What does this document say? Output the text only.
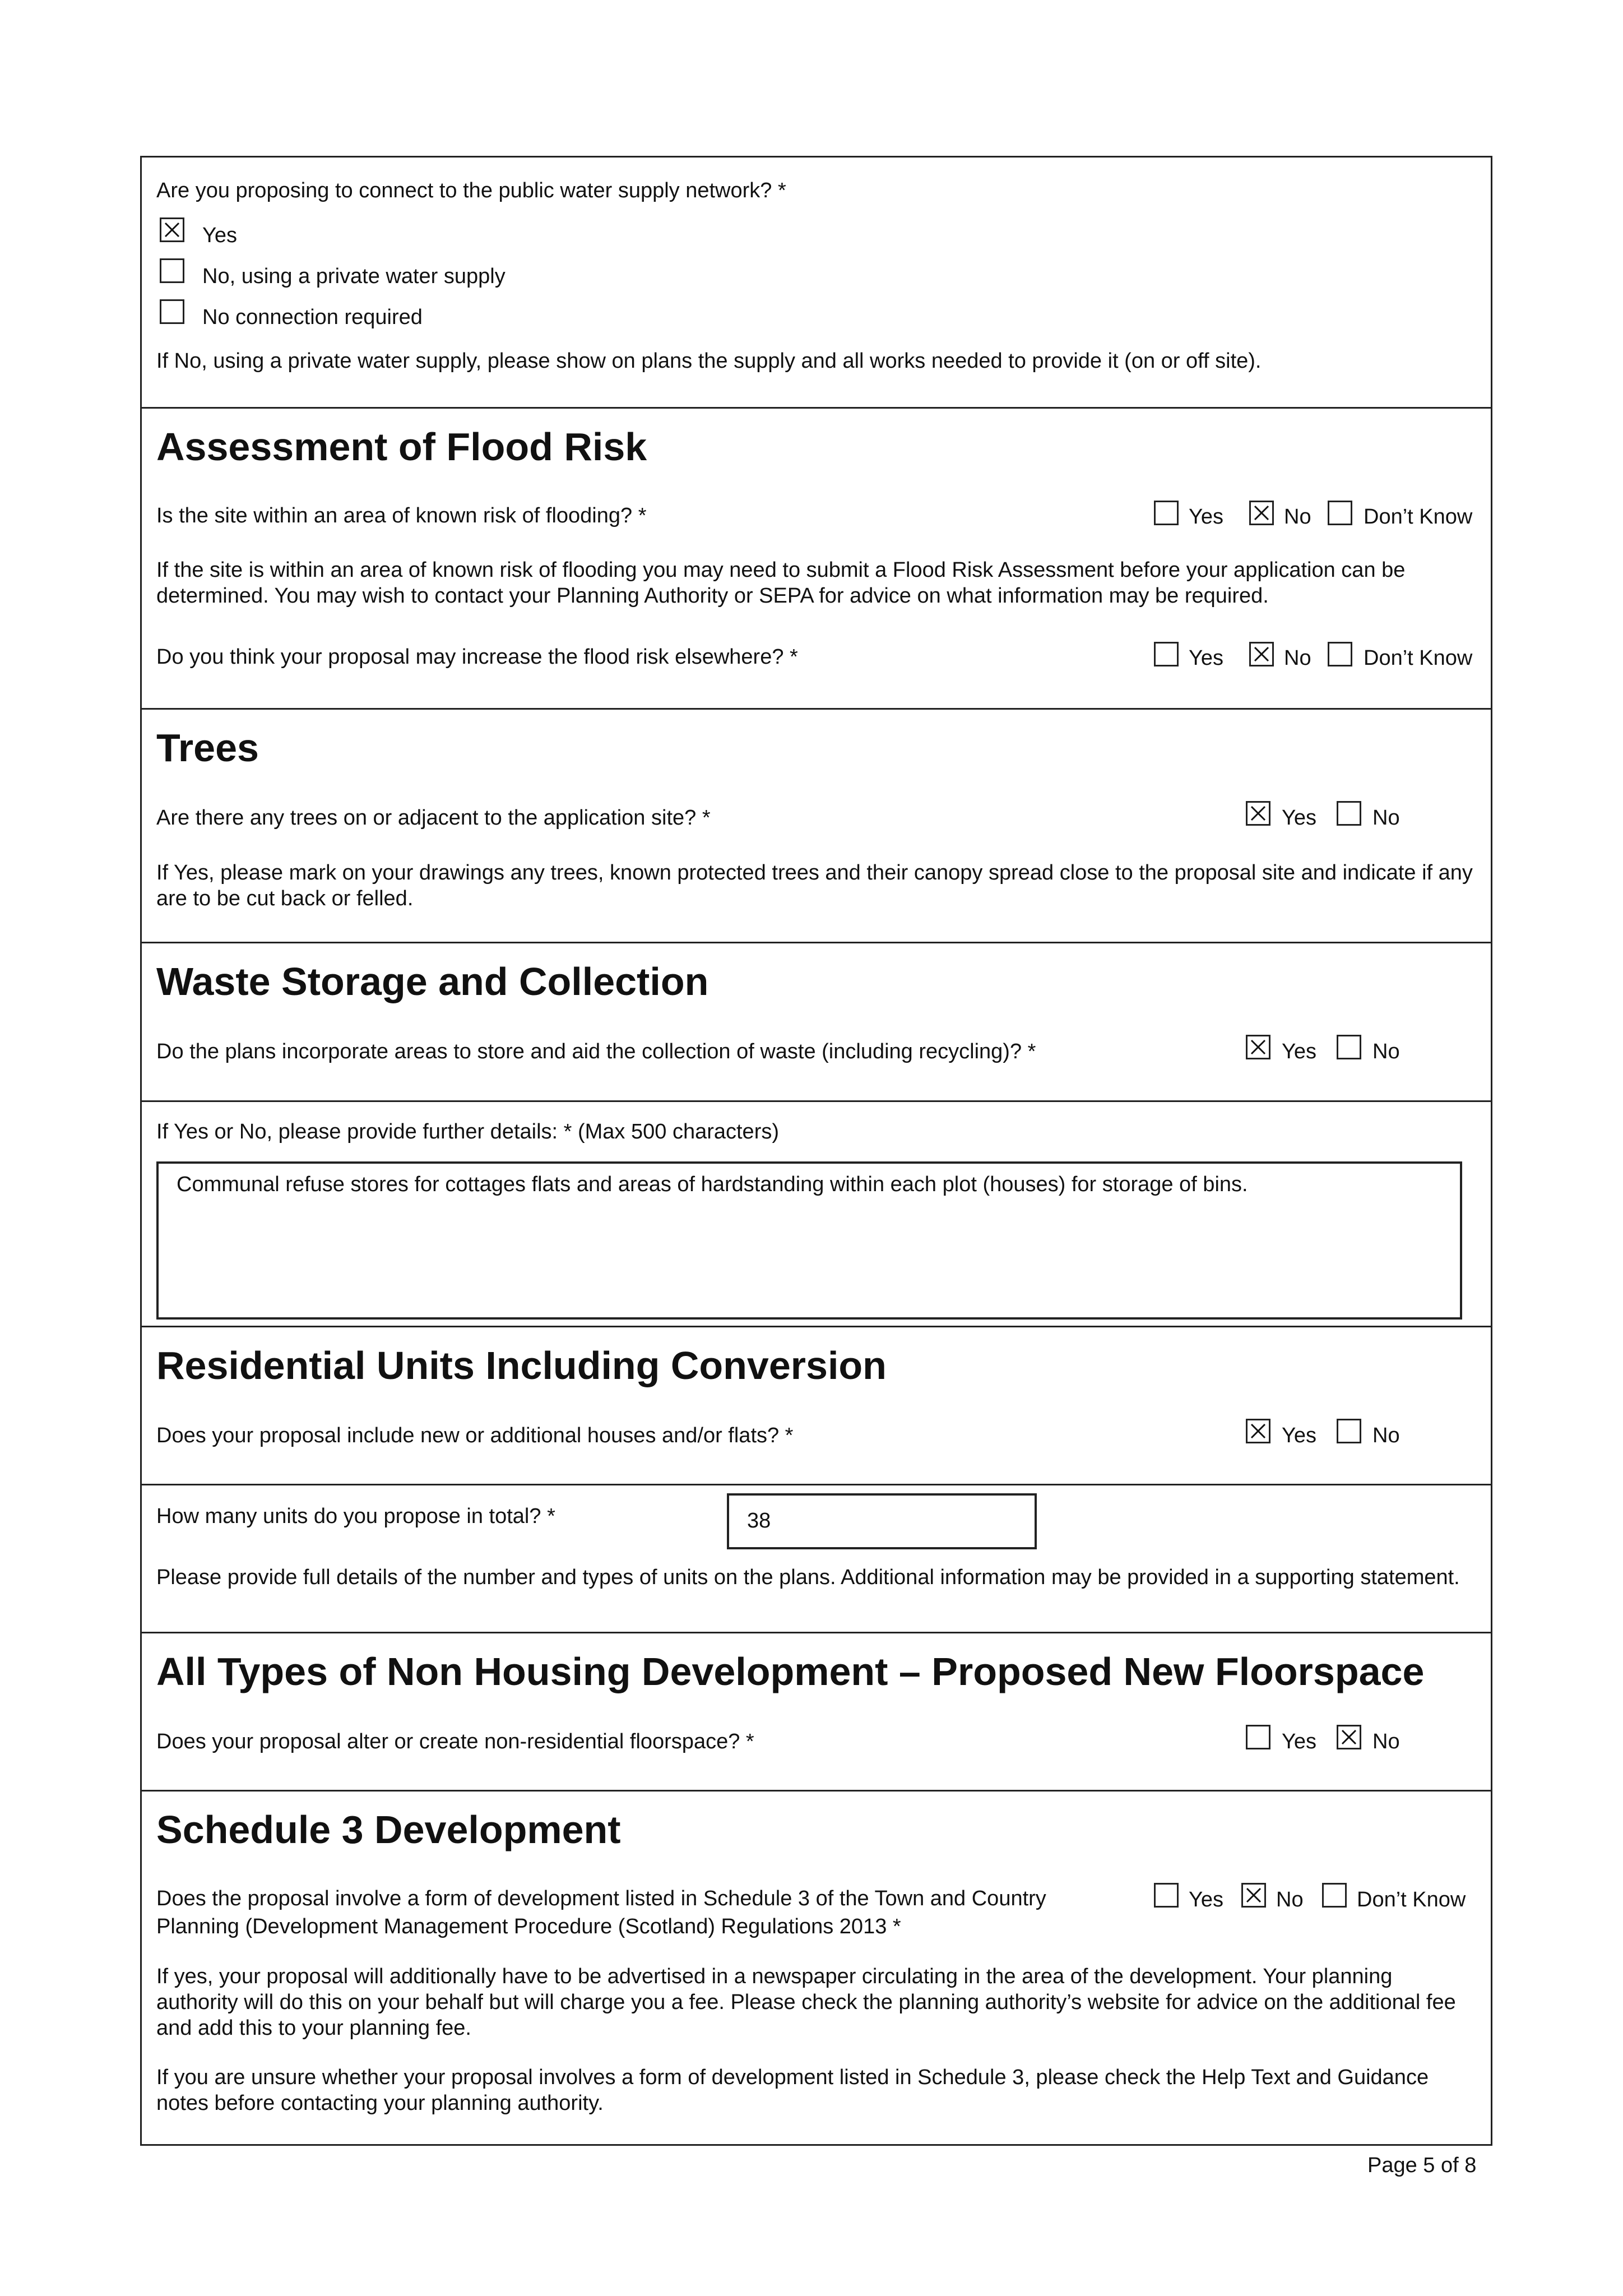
Are you proposing to connect to the public water supply network? *
Yes
No, using a private water supply
No connection required
If No, using a private water supply, please show on plans the supply and all works needed to provide it (on or off site).
Assessment of Flood Risk
Is the site within an area of known risk of flooding? *	Yes	No Don’t Know
If the site is within an area of known risk of flooding you may need to submit a Flood Risk Assessment before your application can be determined. You may wish to contact your Planning Authority or SEPA for advice on what information may be required.
Do you think your proposal may increase the flood risk elsewhere? *	Yes	No Don’t Know
Trees
Are there any trees on or adjacent to the application site? *	Yes	No
If Yes, please mark on your drawings any trees, known protected trees and their canopy spread close to the proposal site and indicate if any are to be cut back or felled.
Waste Storage and Collection
Do the plans incorporate areas to store and aid the collection of waste (including recycling)? *	Yes	No
If Yes or No, please provide further details: * (Max 500 characters)
Communal refuse stores for cottages flats and areas of hardstanding within each plot (houses) for storage of bins.
Residential Units Including Conversion
Does your proposal include new or additional houses and/or flats? *	Yes	No
How many units do you propose in total? *	38
Please provide full details of the number and types of units on the plans. Additional information may be provided in a supporting statement.
All Types of Non Housing Development – Proposed New Floorspace
Does your proposal alter or create non-residential floorspace? *	Yes	No
Schedule 3 Development
Does the proposal involve a form of development listed in Schedule 3 of the Town and Country
Planning (Development Management Procedure (Scotland) Regulations 2013 *
Yes No	Don’t Know
If yes, your proposal will additionally have to be advertised in a newspaper circulating in the area of the development. Your planning authority will do this on your behalf but will charge you a fee. Please check the planning authority’s website for advice on the additional fee and add this to your planning fee.
If you are unsure whether your proposal involves a form of development listed in Schedule 3, please check the Help Text and Guidance notes before contacting your planning authority.
Page 5 of 8
